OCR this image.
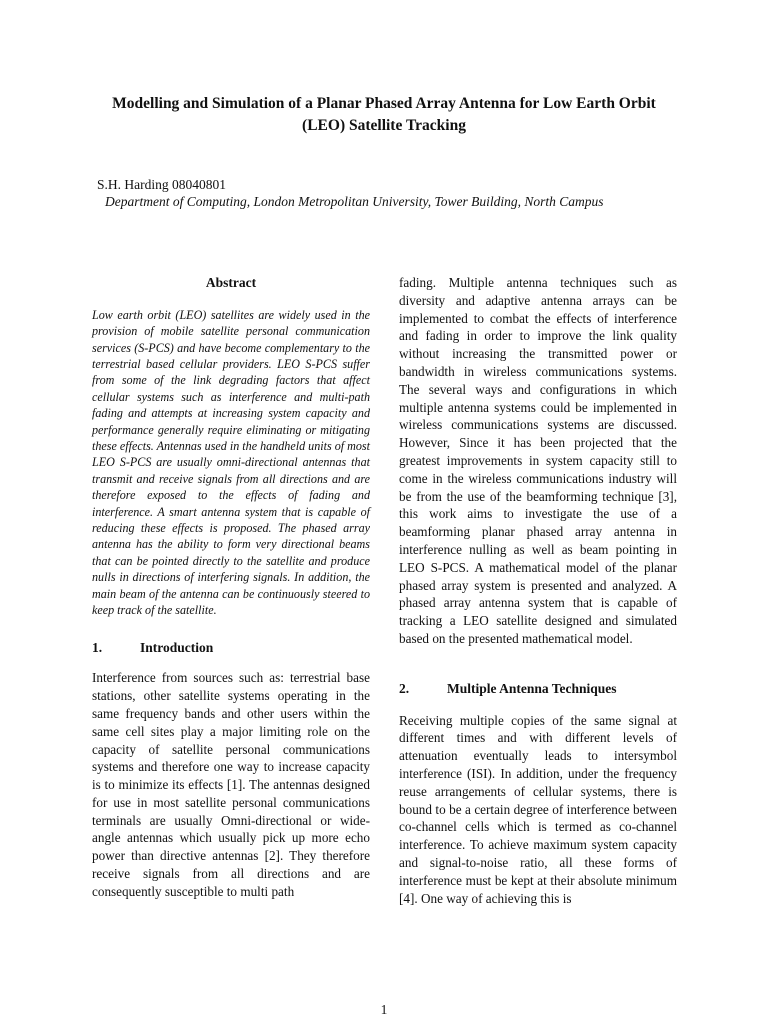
Modelling and Simulation of a Planar Phased Array Antenna for Low Earth Orbit (LEO) Satellite Tracking

S.H. Harding 08040801

Department of Computing, London Metropolitan University, Tower Building, North Campus

Abstract

Low earth orbit (LEO) satellites are widely used in the provision of mobile satellite personal communication services (S-PCS) and have become complementary to the terrestrial based cellular providers. LEO S-PCS suffer from some of the link degrading factors that affect cellular systems such as interference and multi-path fading and attempts at increasing system capacity and performance generally require eliminating or mitigating these effects. Antennas used in the handheld units of most LEO S-PCS are usually omni-directional antennas that transmit and receive signals from all directions and are therefore exposed to the effects of fading and interference. A smart antenna system that is capable of reducing these effects is proposed. The phased array antenna has the ability to form very directional beams that can be pointed directly to the satellite and produce nulls in directions of interfering signals. In addition, the main beam of the antenna can be continuously steered to keep track of the satellite.

1.	Introduction

Interference from sources such as: terrestrial base stations, other satellite systems operating in the same frequency bands and other users within the same cell sites play a major limiting role on the capacity of satellite personal communications systems and therefore one way to increase capacity is to minimize its effects [1]. The antennas designed for use in most satellite personal communications terminals are usually Omni-directional or wide-angle antennas which usually pick up more echo power than directive antennas [2]. They therefore receive signals from all directions and are consequently susceptible to multi path

fading. Multiple antenna techniques such as diversity and adaptive antenna arrays can be implemented to combat the effects of interference and fading in order to improve the link quality without increasing the transmitted power or bandwidth in wireless communications systems. The several ways and configurations in which multiple antenna systems could be implemented in wireless communications systems are discussed. However, Since it has been projected that the greatest improvements in system capacity still to come in the wireless communications industry will be from the use of the beamforming technique [3], this work aims to investigate the use of a beamforming planar phased array antenna in interference nulling as well as beam pointing in LEO S-PCS. A mathematical model of the planar phased array system is presented and analyzed. A phased array antenna system that is capable of tracking a LEO satellite designed and simulated based on the presented mathematical model.

2.	Multiple Antenna Techniques

Receiving multiple copies of the same signal at different times and with different levels of attenuation eventually leads to intersymbol interference (ISI). In addition, under the frequency reuse arrangements of cellular systems, there is bound to be a certain degree of interference between co-channel cells which is termed as co-channel interference. To achieve maximum system capacity and signal-to-noise ratio, all these forms of interference must be kept at their absolute minimum [4]. One way of achieving this is

1
